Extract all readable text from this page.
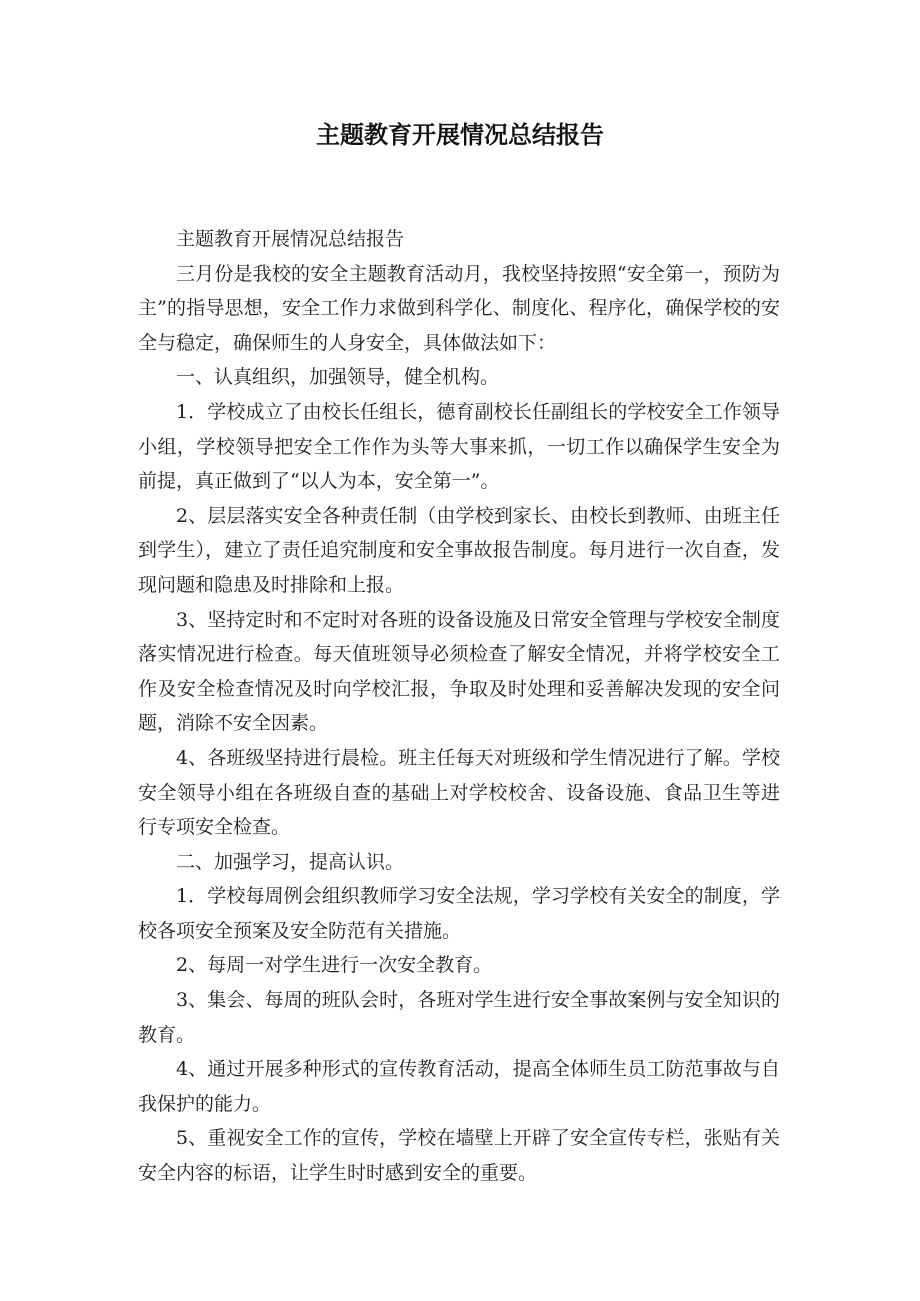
主题教育开展情况总结报告

主题教育开展情况总结报告

三月份是我校的安全主题教育活动月，我校坚持按照“安全第一，预防为主”的指导思想，安全工作力求做到科学化、制度化、程序化，确保学校的安全与稳定，确保师生的人身安全，具体做法如下：

一、认真组织，加强领导，健全机构。

1．学校成立了由校长任组长，德育副校长任副组长的学校安全工作领导小组，学校领导把安全工作作为头等大事来抓，一切工作以确保学生安全为前提，真正做到了“以人为本，安全第一”。

2、层层落实安全各种责任制（由学校到家长、由校长到教师、由班主任到学生），建立了责任追究制度和安全事故报告制度。每月进行一次自查，发现问题和隐患及时排除和上报。

3、坚持定时和不定时对各班的设备设施及日常安全管理与学校安全制度落实情况进行检查。每天值班领导必须检查了解安全情况，并将学校安全工作及安全检查情况及时向学校汇报，争取及时处理和妥善解决发现的安全问题，消除不安全因素。

4、各班级坚持进行晨检。班主任每天对班级和学生情况进行了解。学校安全领导小组在各班级自查的基础上对学校校舍、设备设施、食品卫生等进行专项安全检查。

二、加强学习，提高认识。

1．学校每周例会组织教师学习安全法规，学习学校有关安全的制度，学校各项安全预案及安全防范有关措施。

2、每周一对学生进行一次安全教育。

3、集会、每周的班队会时，各班对学生进行安全事故案例与安全知识的教育。

4、通过开展多种形式的宣传教育活动，提高全体师生员工防范事故与自我保护的能力。

5、重视安全工作的宣传，学校在墙壁上开辟了安全宣传专栏，张贴有关安全内容的标语，让学生时时感到安全的重要。
